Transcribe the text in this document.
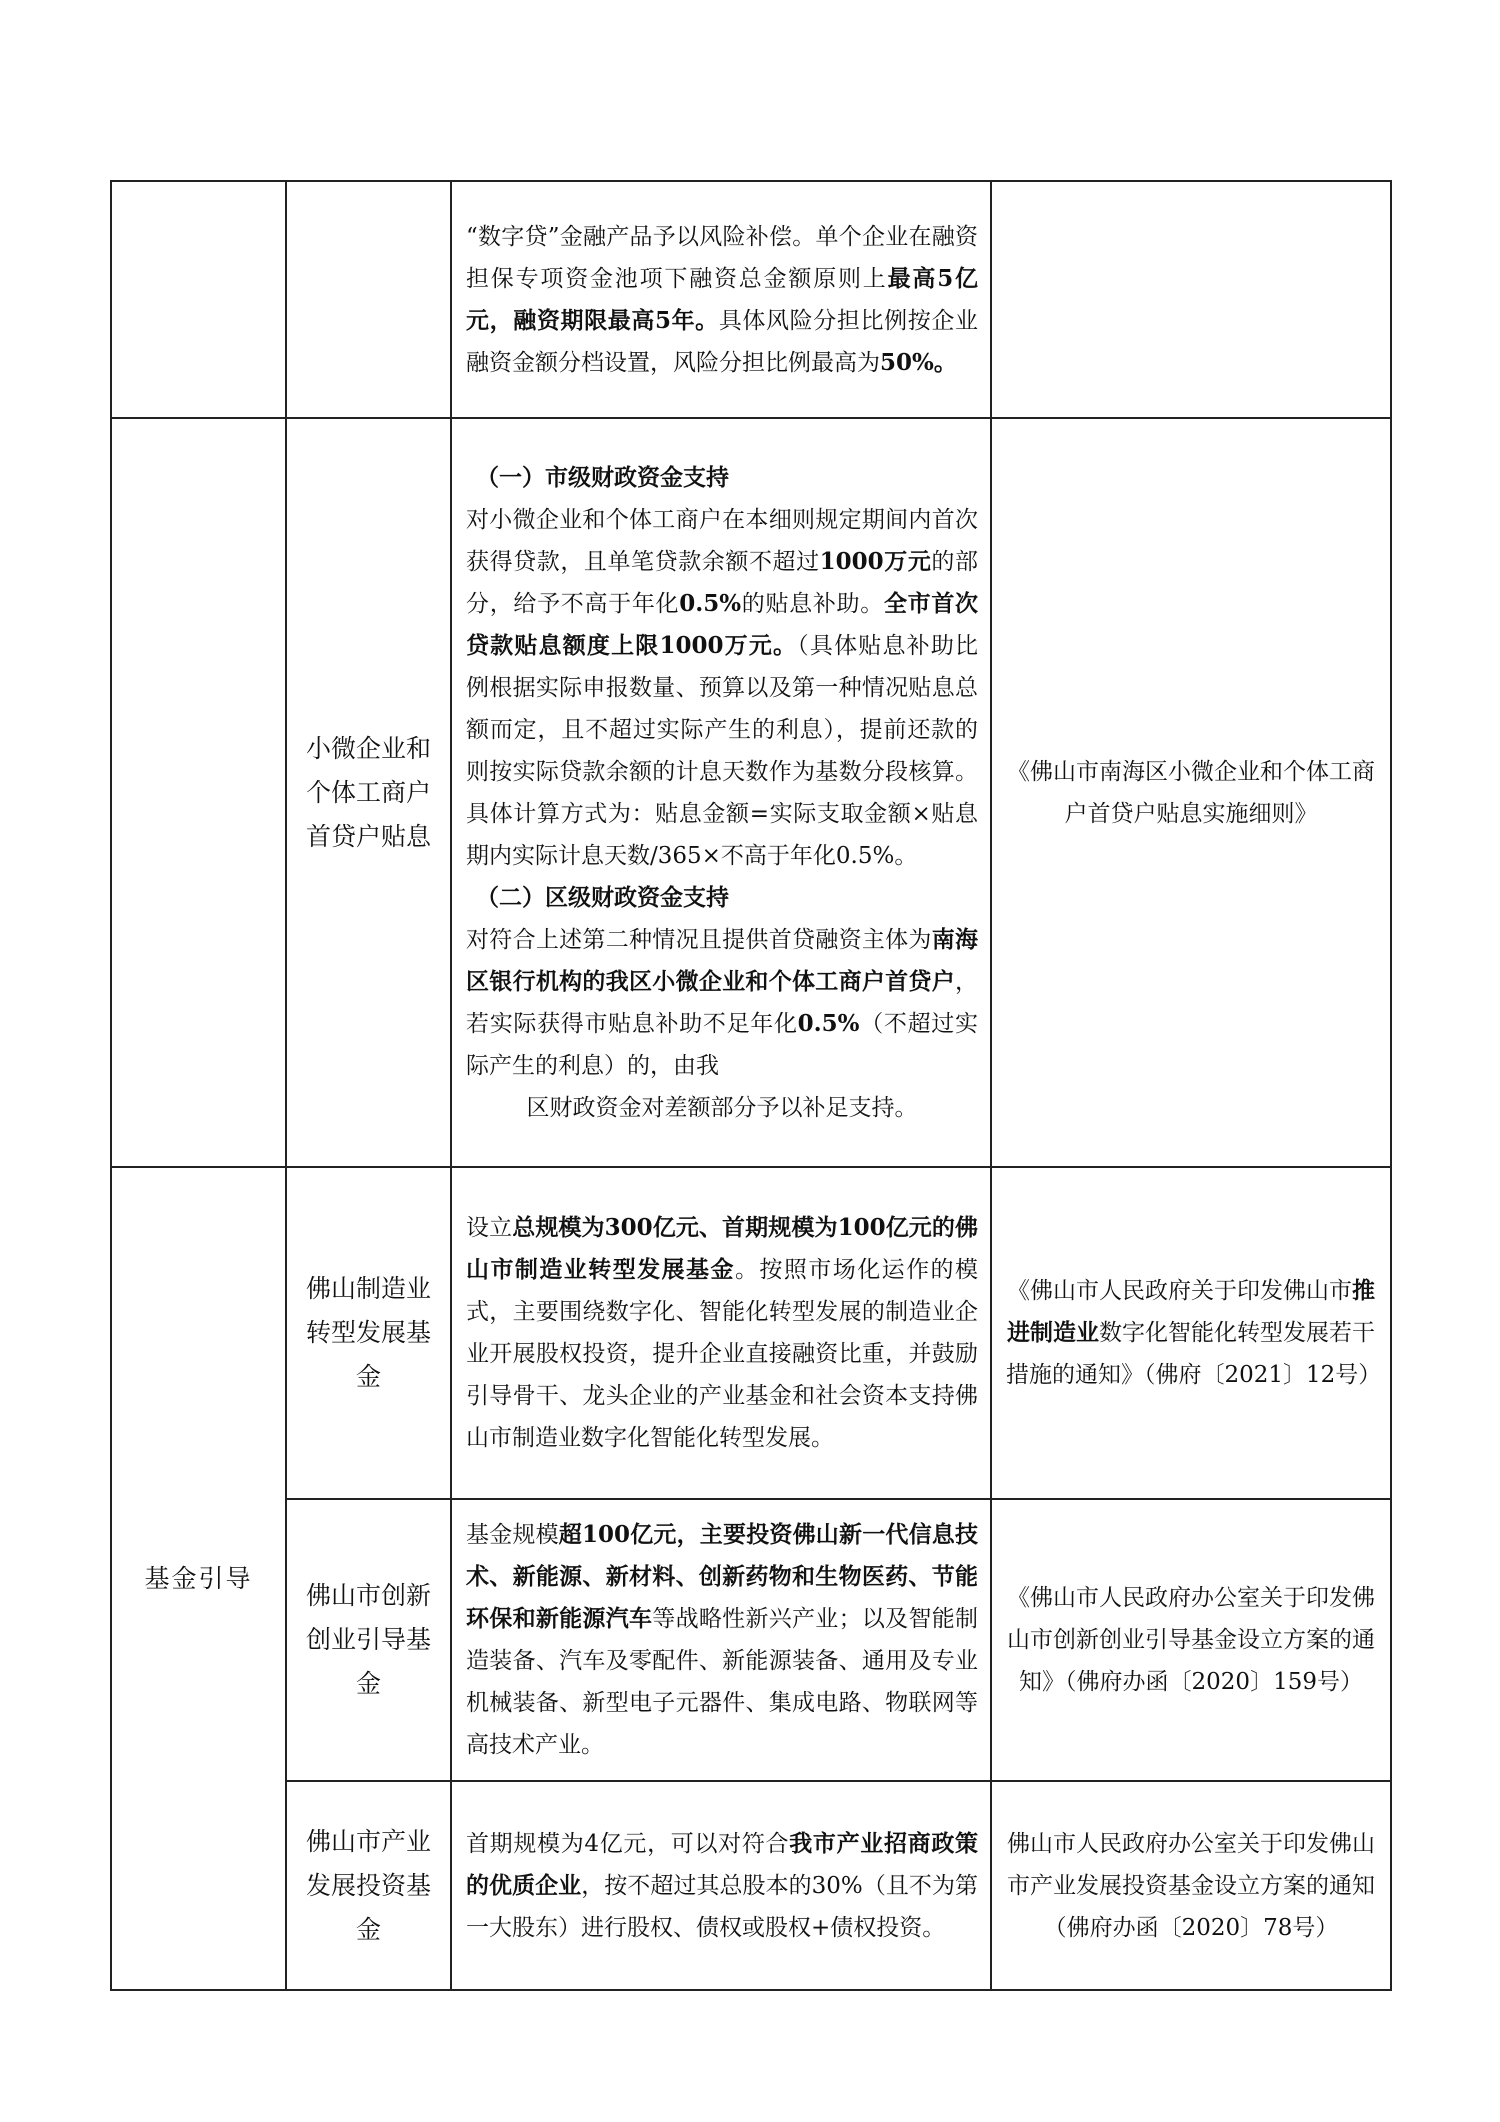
		“数字贷”金融产品予以风险补偿。单个企业在融资担保专项资金池项下融资总金额原则上最高5亿元，融资期限最高5年。具体风险分担比例按企业融资金额分档设置，风险分担比例最高为50%。	

	小微企业和个体工商户首贷户贴息	（一）市级财政资金支持
对小微企业和个体工商户在本细则规定期间内首次获得贷款，且单笔贷款余额不超过1000万元的部分，给予不高于年化0.5%的贴息补助。全市首次贷款贴息额度上限1000万元。（具体贴息补助比例根据实际申报数量、预算以及第一种情况贴息总额而定，且不超过实际产生的利息），提前还款的则按实际贷款余额的计息天数作为基数分段核算。具体计算方式为：贴息金额=实际支取金额×贴息期内实际计息天数/365×不高于年化0.5%。
（二）区级财政资金支持
对符合上述第二种情况且提供首贷融资主体为南海区银行机构的我区小微企业和个体工商户首贷户，若实际获得市贴息补助不足年化0.5%（不超过实际产生的利息）的，由我
区财政资金对差额部分予以补足支持。	《佛山市南海区小微企业和个体工商户首贷户贴息实施细则》
基金引导	佛山制造业转型发展基金	设立总规模为300亿元、首期规模为100亿元的佛山市制造业转型发展基金。按照市场化运作的模式，主要围绕数字化、智能化转型发展的制造业企业开展股权投资，提升企业直接融资比重，并鼓励引导骨干、龙头企业的产业基金和社会资本支持佛山市制造业数字化智能化转型发展。	《佛山市人民政府关于印发佛山市推进制造业数字化智能化转型发展若干措施的通知》（佛府〔2021〕12号）

	佛山市创新创业引导基金	基金规模超100亿元，主要投资佛山新一代信息技术、新能源、新材料、创新药物和生物医药、节能环保和新能源汽车等战略性新兴产业；以及智能制造装备、汽车及零配件、新能源装备、通用及专业机械装备、新型电子元器件、集成电路、物联网等高技术产业。	《佛山市人民政府办公室关于印发佛山市创新创业引导基金设立方案的通知》（佛府办函〔2020〕159号）
	佛山市产业发展投资基金	首期规模为4亿元，可以对符合我市产业招商政策的优质企业，按不超过其总股本的30%（且不为第一大股东）进行股权、债权或股权+债权投资。	佛山市人民政府办公室关于印发佛山市产业发展投资基金设立方案的通知（佛府办函〔2020〕78号）
